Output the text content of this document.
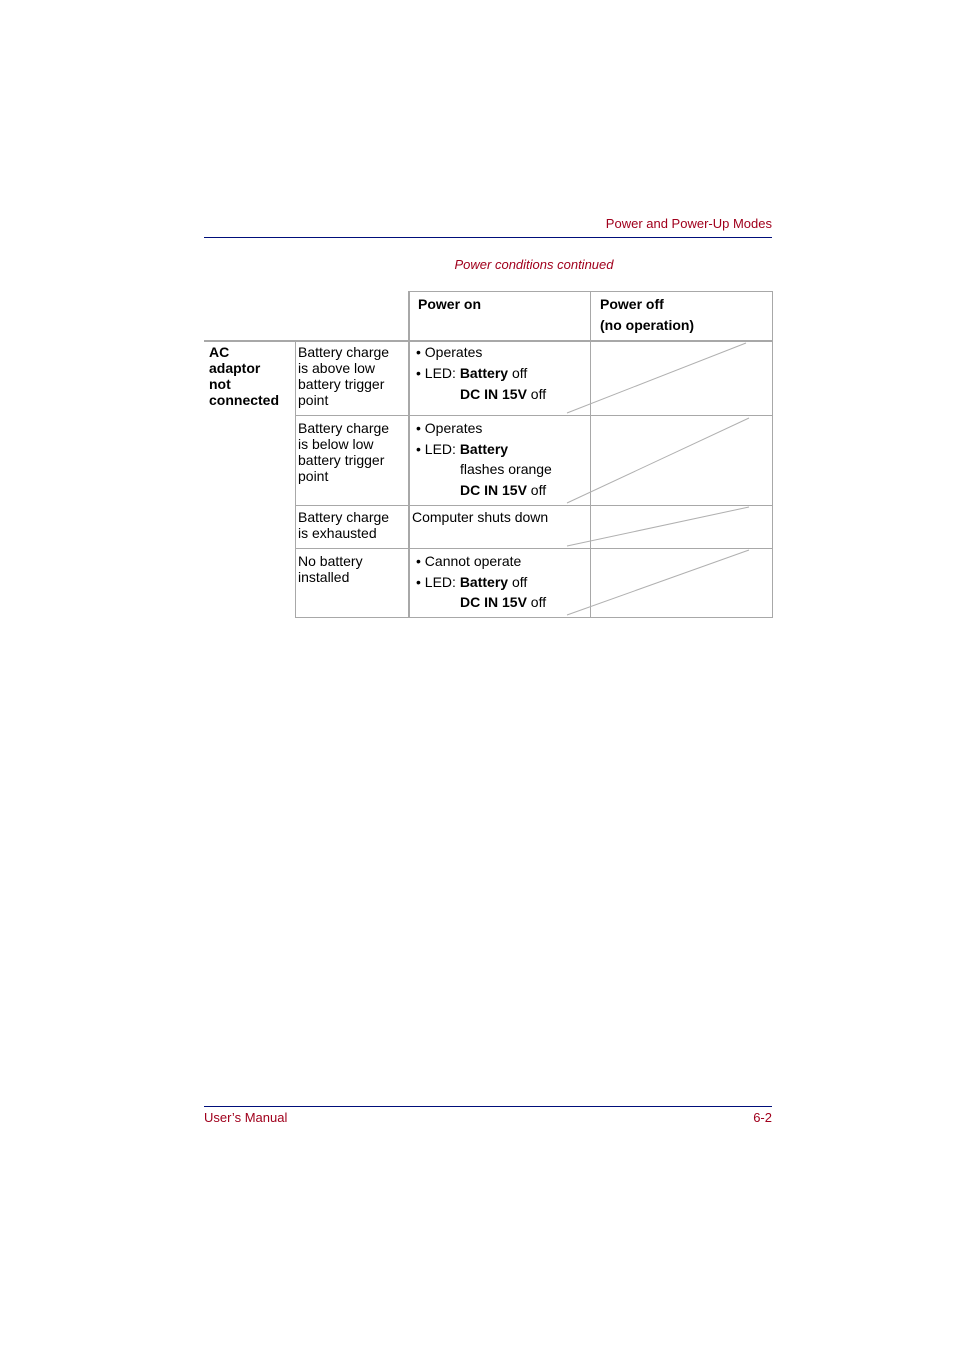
Power and Power-Up Modes
Power conditions continued
Power on	Power off
(no operation)
AC
adaptor
not
connected
Battery charge
is above low
battery trigger
point
• Operates
• LED: Battery off
DC IN 15V off
Battery charge
is below low
battery trigger
point
• Operates
• LED: Battery
flashes orange
DC IN 15V off
Battery charge
is exhausted
Computer shuts down
No battery
installed
• Cannot operate
• LED: Battery off
DC IN 15V off
User’s Manual	6-2
